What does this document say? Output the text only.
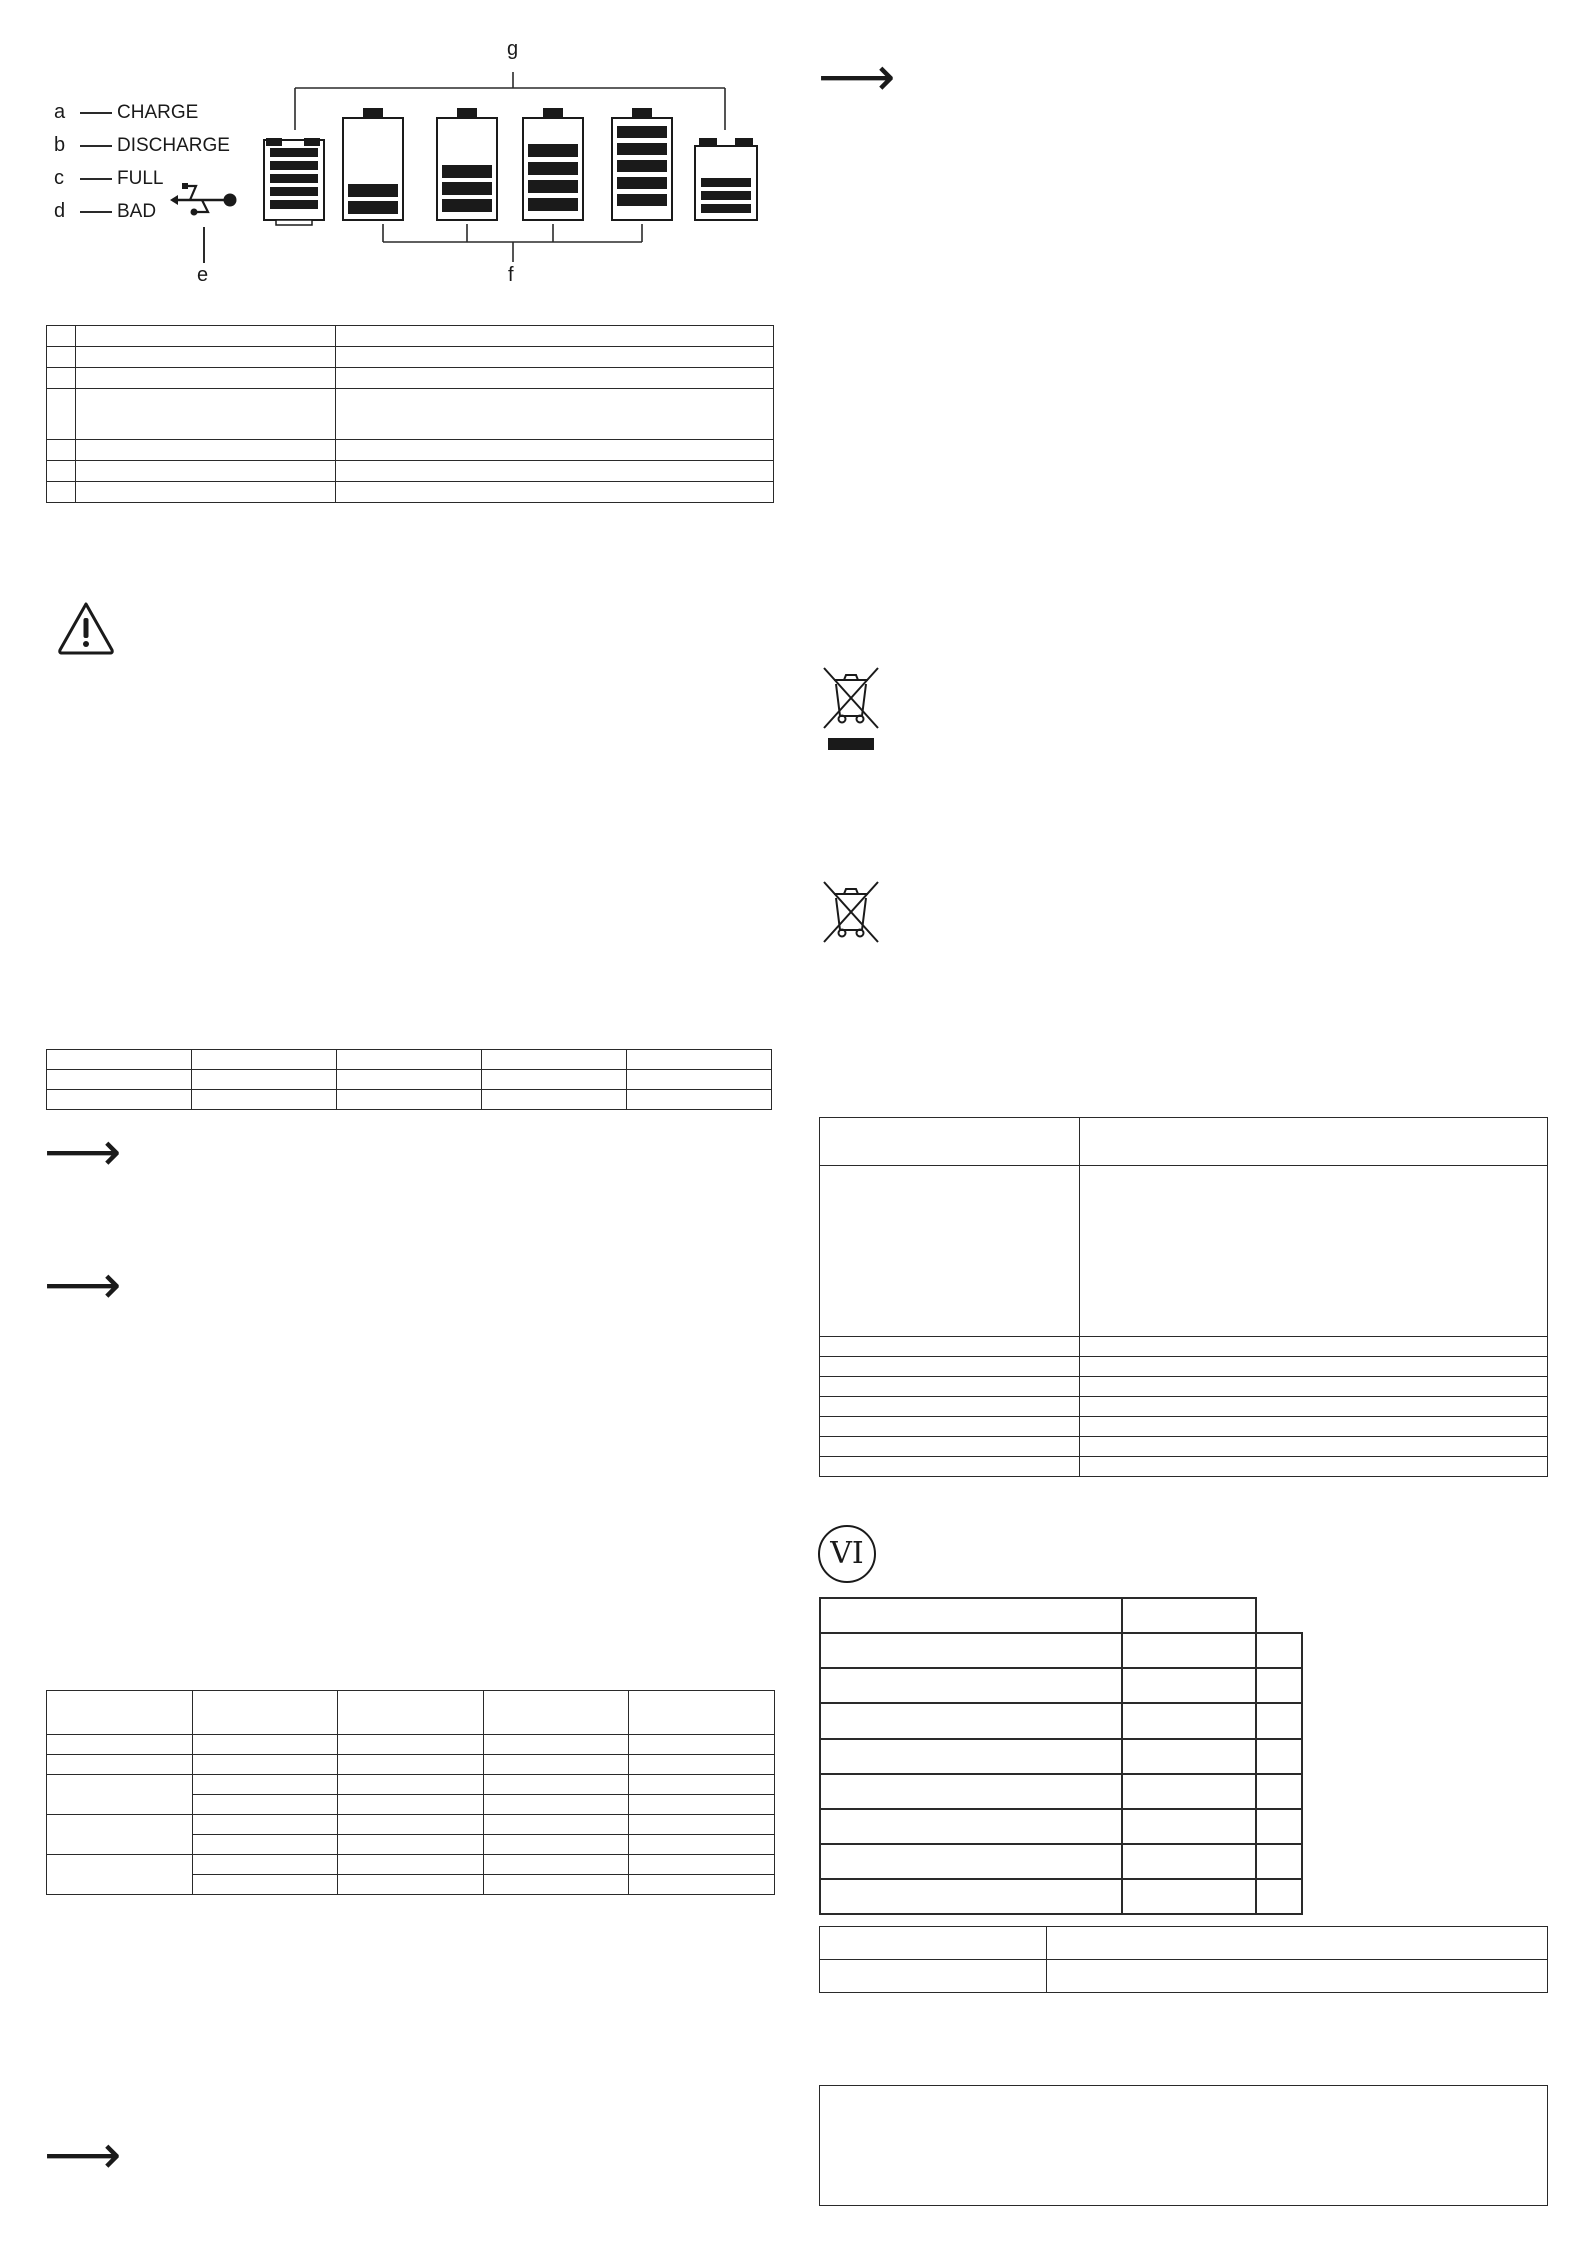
a
b
c
d
CHARGE
DISCHARGE
FULL
BAD
e
g
f

⟶
⟶

⟶
⟶

VI
